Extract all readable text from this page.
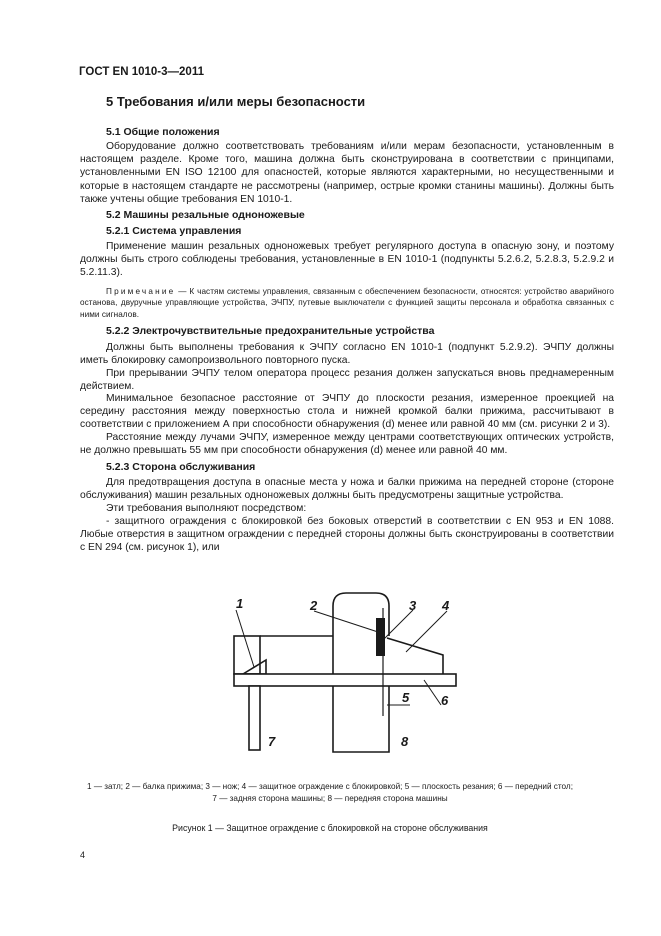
ГОСТ EN 1010-3—2011
5 Требования и/или меры безопасности
5.1 Общие положения
Оборудование должно соответствовать требованиям и/или мерам безопасности, установленным в настоящем разделе. Кроме того, машина должна быть сконструирована в соответствии с принципами, установленными EN ISO 12100 для опасностей, которые являются характерными, но несущественными и которые в настоящем стандарте не рассмотрены (например, острые кромки станины машины). Должны быть также учтены общие требования EN 1010-1.
5.2 Машины резальные одноножевые
5.2.1 Система управления
Применение машин резальных одноножевых требует регулярного доступа в опасную зону, и поэтому должны быть строго соблюдены требования, установленные в EN 1010-1 (подпункты 5.2.6.2, 5.2.8.3, 5.2.9.2 и 5.2.11.3).
Примечание — К частям системы управления, связанным с обеспечением безопасности, относятся: устройство аварийного останова, двуручные управляющие устройства, ЭЧПУ, путевые выключатели с функцией защиты персонала и обработка связанных с ними сигналов.
5.2.2 Электрочувствительные предохранительные устройства
Должны быть выполнены требования к ЭЧПУ согласно EN 1010-1 (подпункт 5.2.9.2). ЭЧПУ должны иметь блокировку самопроизвольного повторного пуска.
При прерывании ЭЧПУ телом оператора процесс резания должен запускаться вновь преднамеренным действием.
Минимальное безопасное расстояние от ЭЧПУ до плоскости резания, измеренное проекцией на середину расстояния между поверхностью стола и нижней кромкой балки прижима, рассчитывают в соответствии с приложением А при способности обнаружения (d) менее или равной 40 мм (см. рисунки 2 и 3).
Расстояние между лучами ЭЧПУ, измеренное между центрами соответствующих оптических устройств, не должно превышать 55 мм при способности обнаружения (d) менее или равной 40 мм.
5.2.3 Сторона обслуживания
Для предотвращения доступа в опасные места у ножа и балки прижима на передней стороне (стороне обслуживания) машин резальных одноножевых должны быть предусмотрены защитные устройства.
Эти требования выполняют посредством:
- защитного ограждения с блокировкой без боковых отверстий в соответствии с EN 953 и EN 1088. Любые отверстия в защитном ограждении с передней стороны должны быть сконструированы в соответствии с EN 294 (см. рисунок 1), или
1	2	3 4
5 6
7	8
1 — затл; 2 — балка прижима; 3 — нож; 4 — защитное ограждение с блокировкой; 5 — плоскость резания; 6 — передний стол;
7 — задняя сторона машины; 8 — передняя сторона машины
Рисунок 1 — Защитное ограждение с блокировкой на стороне обслуживания
4
